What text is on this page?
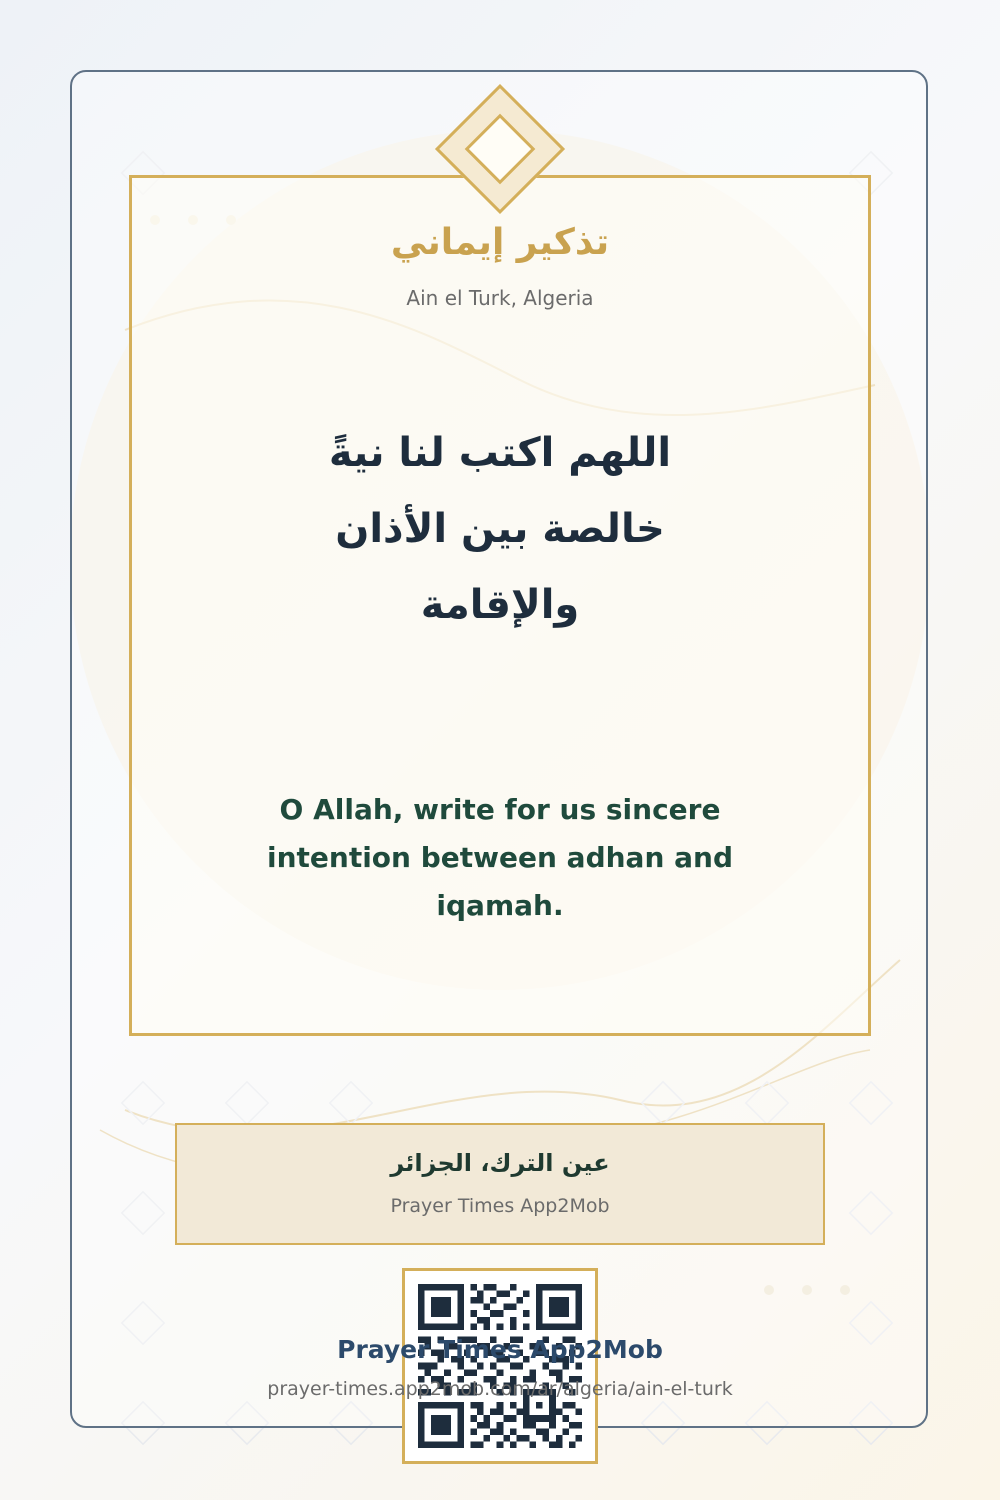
تذكير إيماني
Ain el Turk, Algeria
اللهم اكتب لنا نيةً
خالصة بين الأذان
والإقامة
O Allah, write for us sincere
intention between adhan and
iqamah.
عين الترك، الجزائر
Prayer Times App2Mob
Prayer Times App2Mob
prayer-times.app2mob.com/ar/algeria/ain-el-turk
